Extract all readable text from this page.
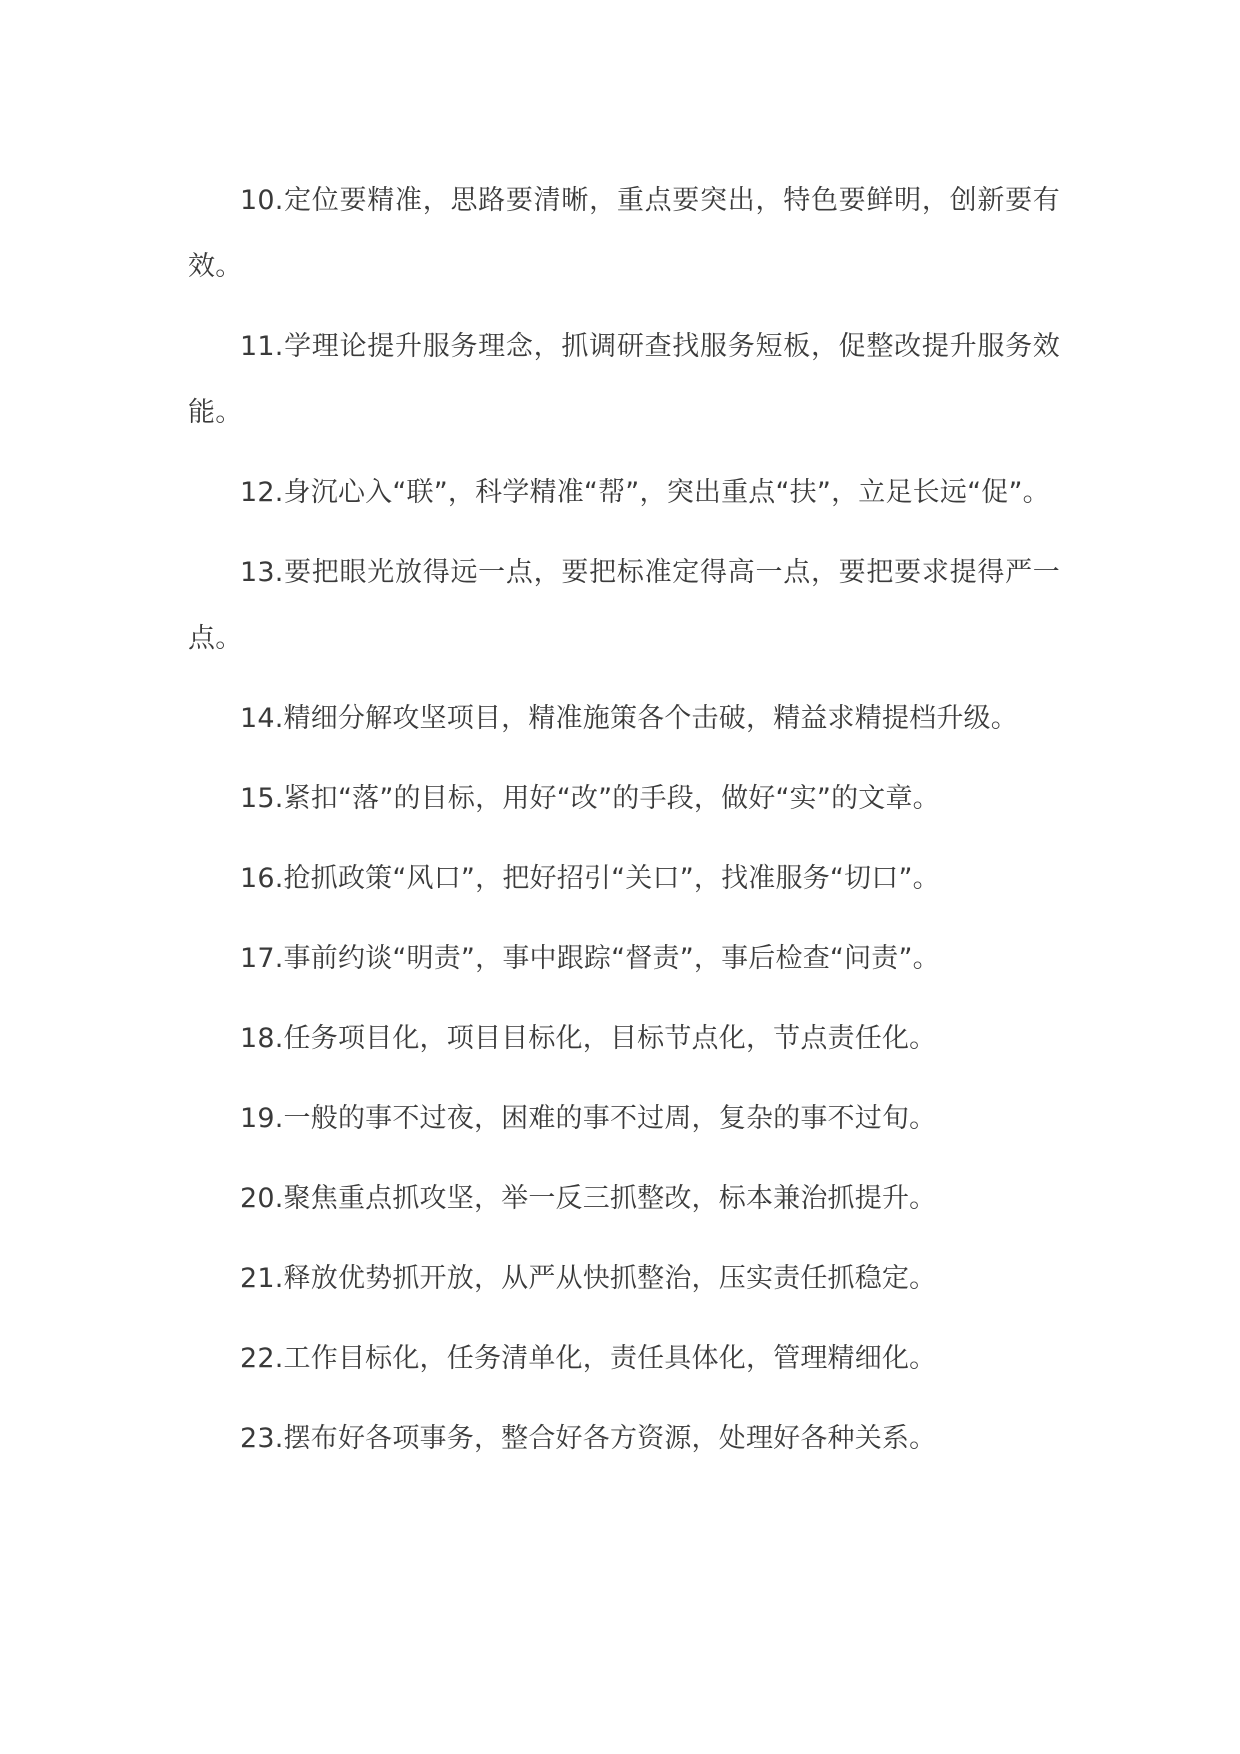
10.定位要精准，思路要清晰，重点要突出，特色要鲜明，创新要有效。

11.学理论提升服务理念，抓调研查找服务短板，促整改提升服务效能。

12.身沉心入“联”，科学精准“帮”，突出重点“扶”，立足长远“促”。

13.要把眼光放得远一点，要把标准定得高一点，要把要求提得严一点。

14.精细分解攻坚项目，精准施策各个击破，精益求精提档升级。

15.紧扣“落”的目标，用好“改”的手段，做好“实”的文章。

16.抢抓政策“风口”，把好招引“关口”，找准服务“切口”。

17.事前约谈“明责”，事中跟踪“督责”，事后检查“问责”。

18.任务项目化，项目目标化，目标节点化，节点责任化。

19.一般的事不过夜，困难的事不过周，复杂的事不过旬。

20.聚焦重点抓攻坚，举一反三抓整改，标本兼治抓提升。

21.释放优势抓开放，从严从快抓整治，压实责任抓稳定。

22.工作目标化，任务清单化，责任具体化，管理精细化。

23.摆布好各项事务，整合好各方资源，处理好各种关系。
